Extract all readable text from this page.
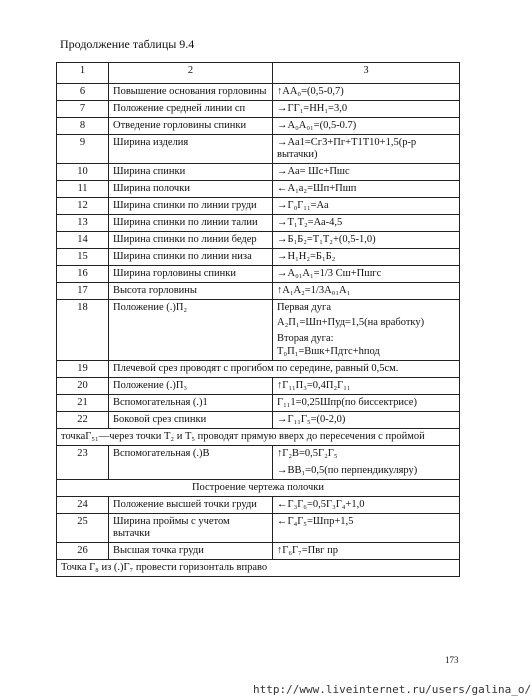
Продолжение таблицы 9.4
1	2	3
6	Повышение основания горловины	↑АА₀=(0,5-0,7)
7	Положение средней линии сп	→ГГ₁=НН₁=3,0
8	Отведение горловины спинки	→А₀А₀₁=(0,5-0.7)
9	Ширина изделия	→Аа1=Сг3+Пг+Т1Т10+1,5(р-р вытачки)
10	Ширина спинки	→Аа= Шс+Пшс
11	Ширина полочки	←А₁а₂=Шп+Пшп
12	Ширина спинки по линии груди	→Г₀Г₁₁=Аа
13	Ширина спинки по линии талии	→Т₁Т₂=Аа-4,5
14	Ширина спинки по линии бедер	→Б₁Б₂=Т₁Т₂+(0,5-1,0)
15	Ширина спинки по линии низа	→Н₁Н₂=Б₁Б₂
16	Ширина горловины спинки	→А₀₁А₁=1/3 Сш+Пшгс
17	Высота горловины	↑А₁А₂=1/3А₀₁А₁
18	Положение (.)П₂	Первая дуга
А₂П₁=Шп+Пуд=1,5(на вработку)
Вторая дуга:
Т₀П₁=Вшк+Пдтс+hпод

19	Плечевой срез проводят с прогибом по середине, равный 0,5см.	
20	Положение (.)П₃	↑Г₁₁П₃=0,4П₂Г₁₁
21	Вспомогательная (.)1	Г₁₁1=0,25Шпр(по биссектрисе)
22	Боковой срез спинки	→Г₁₁Г₅=(0-2,0)
точкаГ₅₁—через точки Т₂ и Т₅ проводят прямую вверх до пересечения с проймой		
23	Вспомогательная (.)В	↑Г₂В=0,5Г₂Г₅
→ВВ₁=0,5(по перпендикуляру)

Построение чертежа полочки		
24	Положение высшей точки груди	←Г₃Г₆=0,5Г₃Г₄+1,0
25	Ширина проймы с учетом вытачки	←Г₄Г₅=Шпр+1,5
26	Высшая точка груди	↑Г₆Г₇=Пвг пр
Точка Г₈ из (.)Г₇ провести горизонталь вправо		
173
http://www.liveinternet.ru/users/galina_o/
